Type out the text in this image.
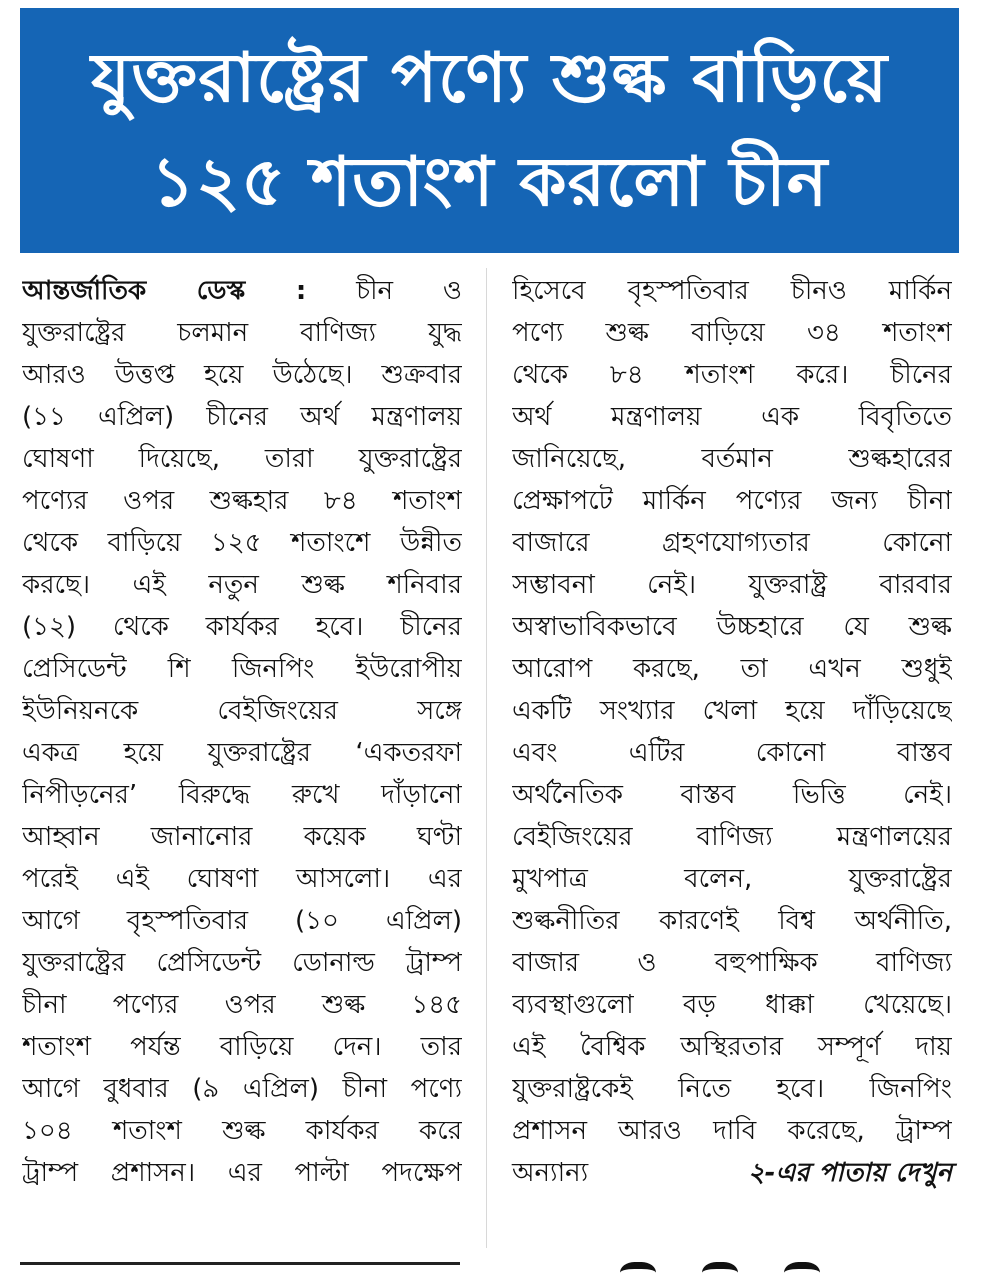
যুক্তরাষ্ট্রের পণ্যে শুল্ক বাড়িয়ে
১২৫ শতাংশ করলো চীন
আন্তর্জাতিক ডেস্ক : চীন ও
যুক্তরাষ্ট্রের চলমান বাণিজ্য যুদ্ধ
আরও উত্তপ্ত হয়ে উঠেছে। শুক্রবার
(১১ এপ্রিল) চীনের অর্থ মন্ত্রণালয়
ঘোষণা দিয়েছে, তারা যুক্তরাষ্ট্রের
পণ্যের ওপর শুল্কহার ৮৪ শতাংশ
থেকে বাড়িয়ে ১২৫ শতাংশে উন্নীত
করছে। এই নতুন শুল্ক শনিবার
(১২) থেকে কার্যকর হবে। চীনের
প্রেসিডেন্ট শি জিনপিং ইউরোপীয়
ইউনিয়নকে বেইজিংয়ের সঙ্গে
একত্র হয়ে যুক্তরাষ্ট্রের ‘একতরফা
নিপীড়নের’ বিরুদ্ধে রুখে দাঁড়ানো
আহ্বান জানানোর কয়েক ঘণ্টা
পরেই এই ঘোষণা আসলো। এর
আগে বৃহস্পতিবার (১০ এপ্রিল)
যুক্তরাষ্ট্রের প্রেসিডেন্ট ডোনাল্ড ট্রাম্প
চীনা পণ্যের ওপর শুল্ক ১৪৫
শতাংশ পর্যন্ত বাড়িয়ে দেন। তার
আগে বুধবার (৯ এপ্রিল) চীনা পণ্যে
১০৪ শতাংশ শুল্ক কার্যকর করে
ট্রাম্প প্রশাসন। এর পাল্টা পদক্ষেপ
হিসেবে বৃহস্পতিবার চীনও মার্কিন
পণ্যে শুল্ক বাড়িয়ে ৩৪ শতাংশ
থেকে ৮৪ শতাংশ করে। চীনের
অর্থ মন্ত্রণালয় এক বিবৃতিতে
জানিয়েছে, বর্তমান শুল্কহারের
প্রেক্ষাপটে মার্কিন পণ্যের জন্য চীনা
বাজারে গ্রহণযোগ্যতার কোনো
সম্ভাবনা নেই। যুক্তরাষ্ট্র বারবার
অস্বাভাবিকভাবে উচ্চহারে যে শুল্ক
আরোপ করছে, তা এখন শুধুই
একটি সংখ্যার খেলা হয়ে দাঁড়িয়েছে
এবং এটির কোনো বাস্তব
অর্থনৈতিক বাস্তব ভিত্তি নেই।
বেইজিংয়ের বাণিজ্য মন্ত্রণালয়ের
মুখপাত্র বলেন, যুক্তরাষ্ট্রের
শুল্কনীতির কারণেই বিশ্ব অর্থনীতি,
বাজার ও বহুপাক্ষিক বাণিজ্য
ব্যবস্থাগুলো বড় ধাক্কা খেয়েছে।
এই বৈশ্বিক অস্থিরতার সম্পূর্ণ দায়
যুক্তরাষ্ট্রকেই নিতে হবে। জিনপিং
প্রশাসন আরও দাবি করেছে, ট্রাম্প
অন্যান্য	২-এর পাতায় দেখুন
